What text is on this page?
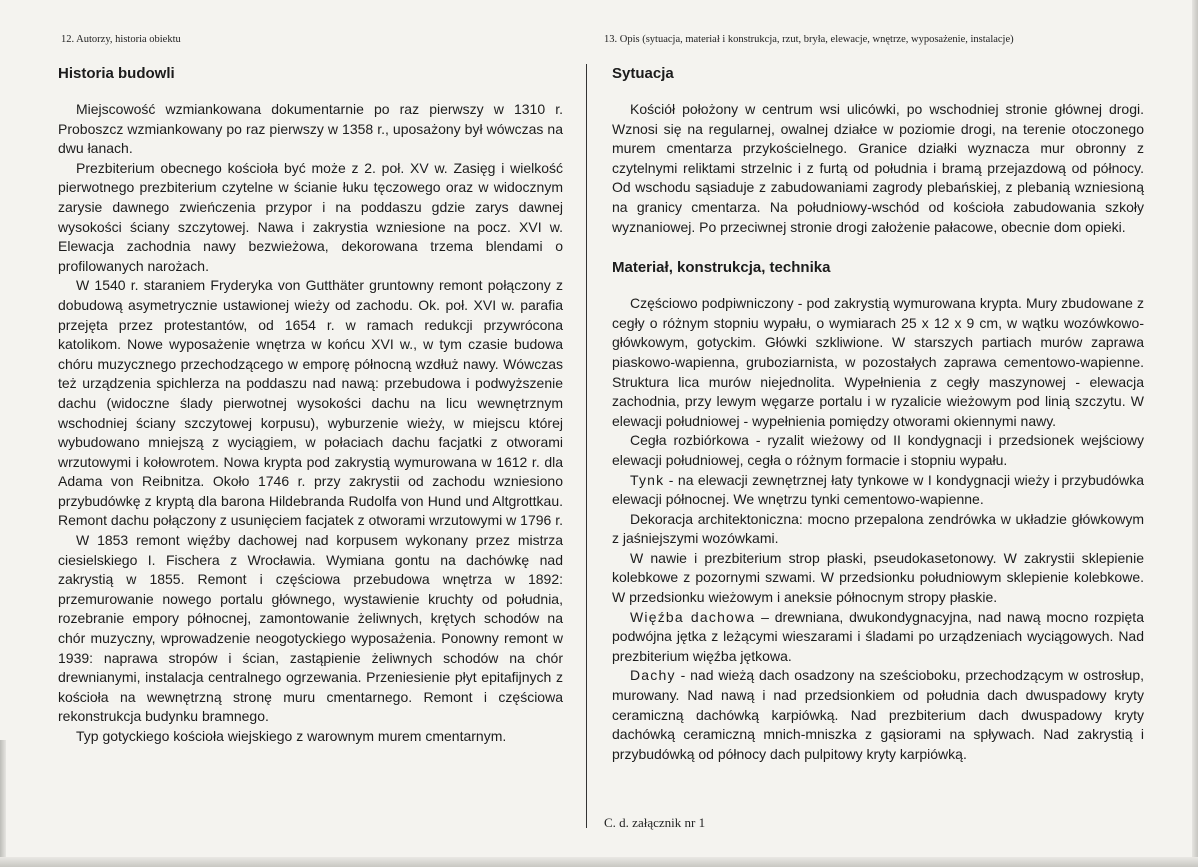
12. Autorzy, historia obiektu	13. Opis (sytuacja, materiał i konstrukcja, rzut, bryła, elewacje, wnętrze, wyposażenie, instalacje)
Historia budowli

Miejscowość wzmiankowana dokumentarnie po raz pierwszy w 1310 r. Proboszcz wzmiankowany po raz pierwszy w 1358 r., uposażony był wówczas na dwu łanach.

Prezbiterium obecnego kościoła być może z 2. poł. XV w. Zasięg i wielkość pierwotnego prezbiterium czytelne w ścianie łuku tęczowego oraz w widocznym zarysie dawnego zwieńczenia przypor i na poddaszu gdzie zarys dawnej wysokości ściany szczytowej. Nawa i zakrystia wzniesione na pocz. XVI w. Elewacja zachodnia nawy bezwieżowa, dekorowana trzema blendami o profilowanych narożach.

W 1540 r. staraniem Fryderyka von Gutthäter gruntowny remont połączony z dobudową asymetrycznie ustawionej wieży od zachodu. Ok. poł. XVI w. parafia przejęta przez protestantów, od 1654 r. w ramach redukcji przywrócona katolikom. Nowe wyposażenie wnętrza w końcu XVI w., w tym czasie budowa chóru muzycznego przechodzącego w emporę północną wzdłuż nawy. Wówczas też urządzenia spichlerza na poddaszu nad nawą: przebudowa i podwyższenie dachu (widoczne ślady pierwotnej wysokości dachu na licu wewnętrznym wschodniej ściany szczytowej korpusu), wyburzenie wieży, w miejscu której wybudowano mniejszą z wyciągiem, w połaciach dachu facjatki z otworami wrzutowymi i kołowrotem. Nowa krypta pod zakrystią wymurowana w 1612 r. dla Adama von Reibnitza. Około 1746 r. przy zakrystii od zachodu wzniesiono przybudówkę z kryptą dla barona Hildebranda Rudolfa von Hund und Altgrottkau. Remont dachu połączony z usunięciem facjatek z otworami wrzutowymi w 1796 r.

W 1853 remont więźby dachowej nad korpusem wykonany przez mistrza ciesielskiego I. Fischera z Wrocławia. Wymiana gontu na dachówkę nad zakrystią w 1855. Remont i częściowa przebudowa wnętrza w 1892: przemurowanie nowego portalu głównego, wystawienie kruchty od południa, rozebranie empory północnej, zamontowanie żeliwnych, krętych schodów na chór muzyczny, wprowadzenie neogotyckiego wyposażenia. Ponowny remont w 1939: naprawa stropów i ścian, zastąpienie żeliwnych schodów na chór drewnianymi, instalacja centralnego ogrzewania. Przeniesienie płyt epitafijnych z kościoła na wewnętrzną stronę muru cmentarnego. Remont i częściowa rekonstrukcja budynku bramnego.

Typ gotyckiego kościoła wiejskiego z warownym murem cmentarnym.

Sytuacja

Kościół położony w centrum wsi ulicówki, po wschodniej stronie głównej drogi. Wznosi się na regularnej, owalnej działce w poziomie drogi, na terenie otoczonego murem cmentarza przykościelnego. Granice działki wyznacza mur obronny z czytelnymi reliktami strzelnic i z furtą od południa i bramą przejazdową od północy. Od wschodu sąsiaduje z zabudowaniami zagrody plebańskiej, z plebanią wzniesioną na granicy cmentarza. Na południowy-wschód od kościoła zabudowania szkoły wyznaniowej. Po przeciwnej stronie drogi założenie pałacowe, obecnie dom opieki.

Materiał, konstrukcja, technika

Częściowo podpiwniczony - pod zakrystią wymurowana krypta. Mury zbudowane z cegły o różnym stopniu wypału, o wymiarach 25 x 12 x 9 cm, w wątku wozówkowo-główkowym, gotyckim. Główki szkliwione. W starszych partiach murów zaprawa piaskowo-wapienna, gruboziarnista, w pozostałych zaprawa cementowo-wapienne. Struktura lica murów niejednolita. Wypełnienia z cegły maszynowej - elewacja zachodnia, przy lewym węgarze portalu i w ryzalicie wieżowym pod linią szczytu. W elewacji południowej - wypełnienia pomiędzy otworami okiennymi nawy.

Cegła rozbiórkowa - ryzalit wieżowy od II kondygnacji i przedsionek wejściowy elewacji południowej, cegła o różnym formacie i stopniu wypału.

Tynk - na elewacji zewnętrznej łaty tynkowe w I kondygnacji wieży i przybudówka elewacji północnej. We wnętrzu tynki cementowo-wapienne.

Dekoracja architektoniczna: mocno przepalona zendrówka w układzie główkowym z jaśniejszymi wozówkami.

W nawie i prezbiterium strop płaski, pseudokasetonowy. W zakrystii sklepienie kolebkowe z pozornymi szwami. W przedsionku południowym sklepienie kolebkowe. W przedsionku wieżowym i aneksie północnym stropy płaskie.

Więźba dachowa – drewniana, dwukondygnacyjna, nad nawą mocno rozpięta podwójna jętka z leżącymi wieszarami i śladami po urządzeniach wyciągowych. Nad prezbiterium więźba jętkowa.

Dachy - nad wieżą dach osadzony na sześcioboku, przechodzącym w ostrosłup, murowany. Nad nawą i nad przedsionkiem od południa dach dwuspadowy kryty ceramiczną dachówką karpiówką. Nad prezbiterium dach dwuspadowy kryty dachówką ceramiczną mnich-mniszka z gąsiorami na spływach. Nad zakrystią i przybudówką od północy dach pulpitowy kryty karpiówką.

C. d. załącznik nr 1
